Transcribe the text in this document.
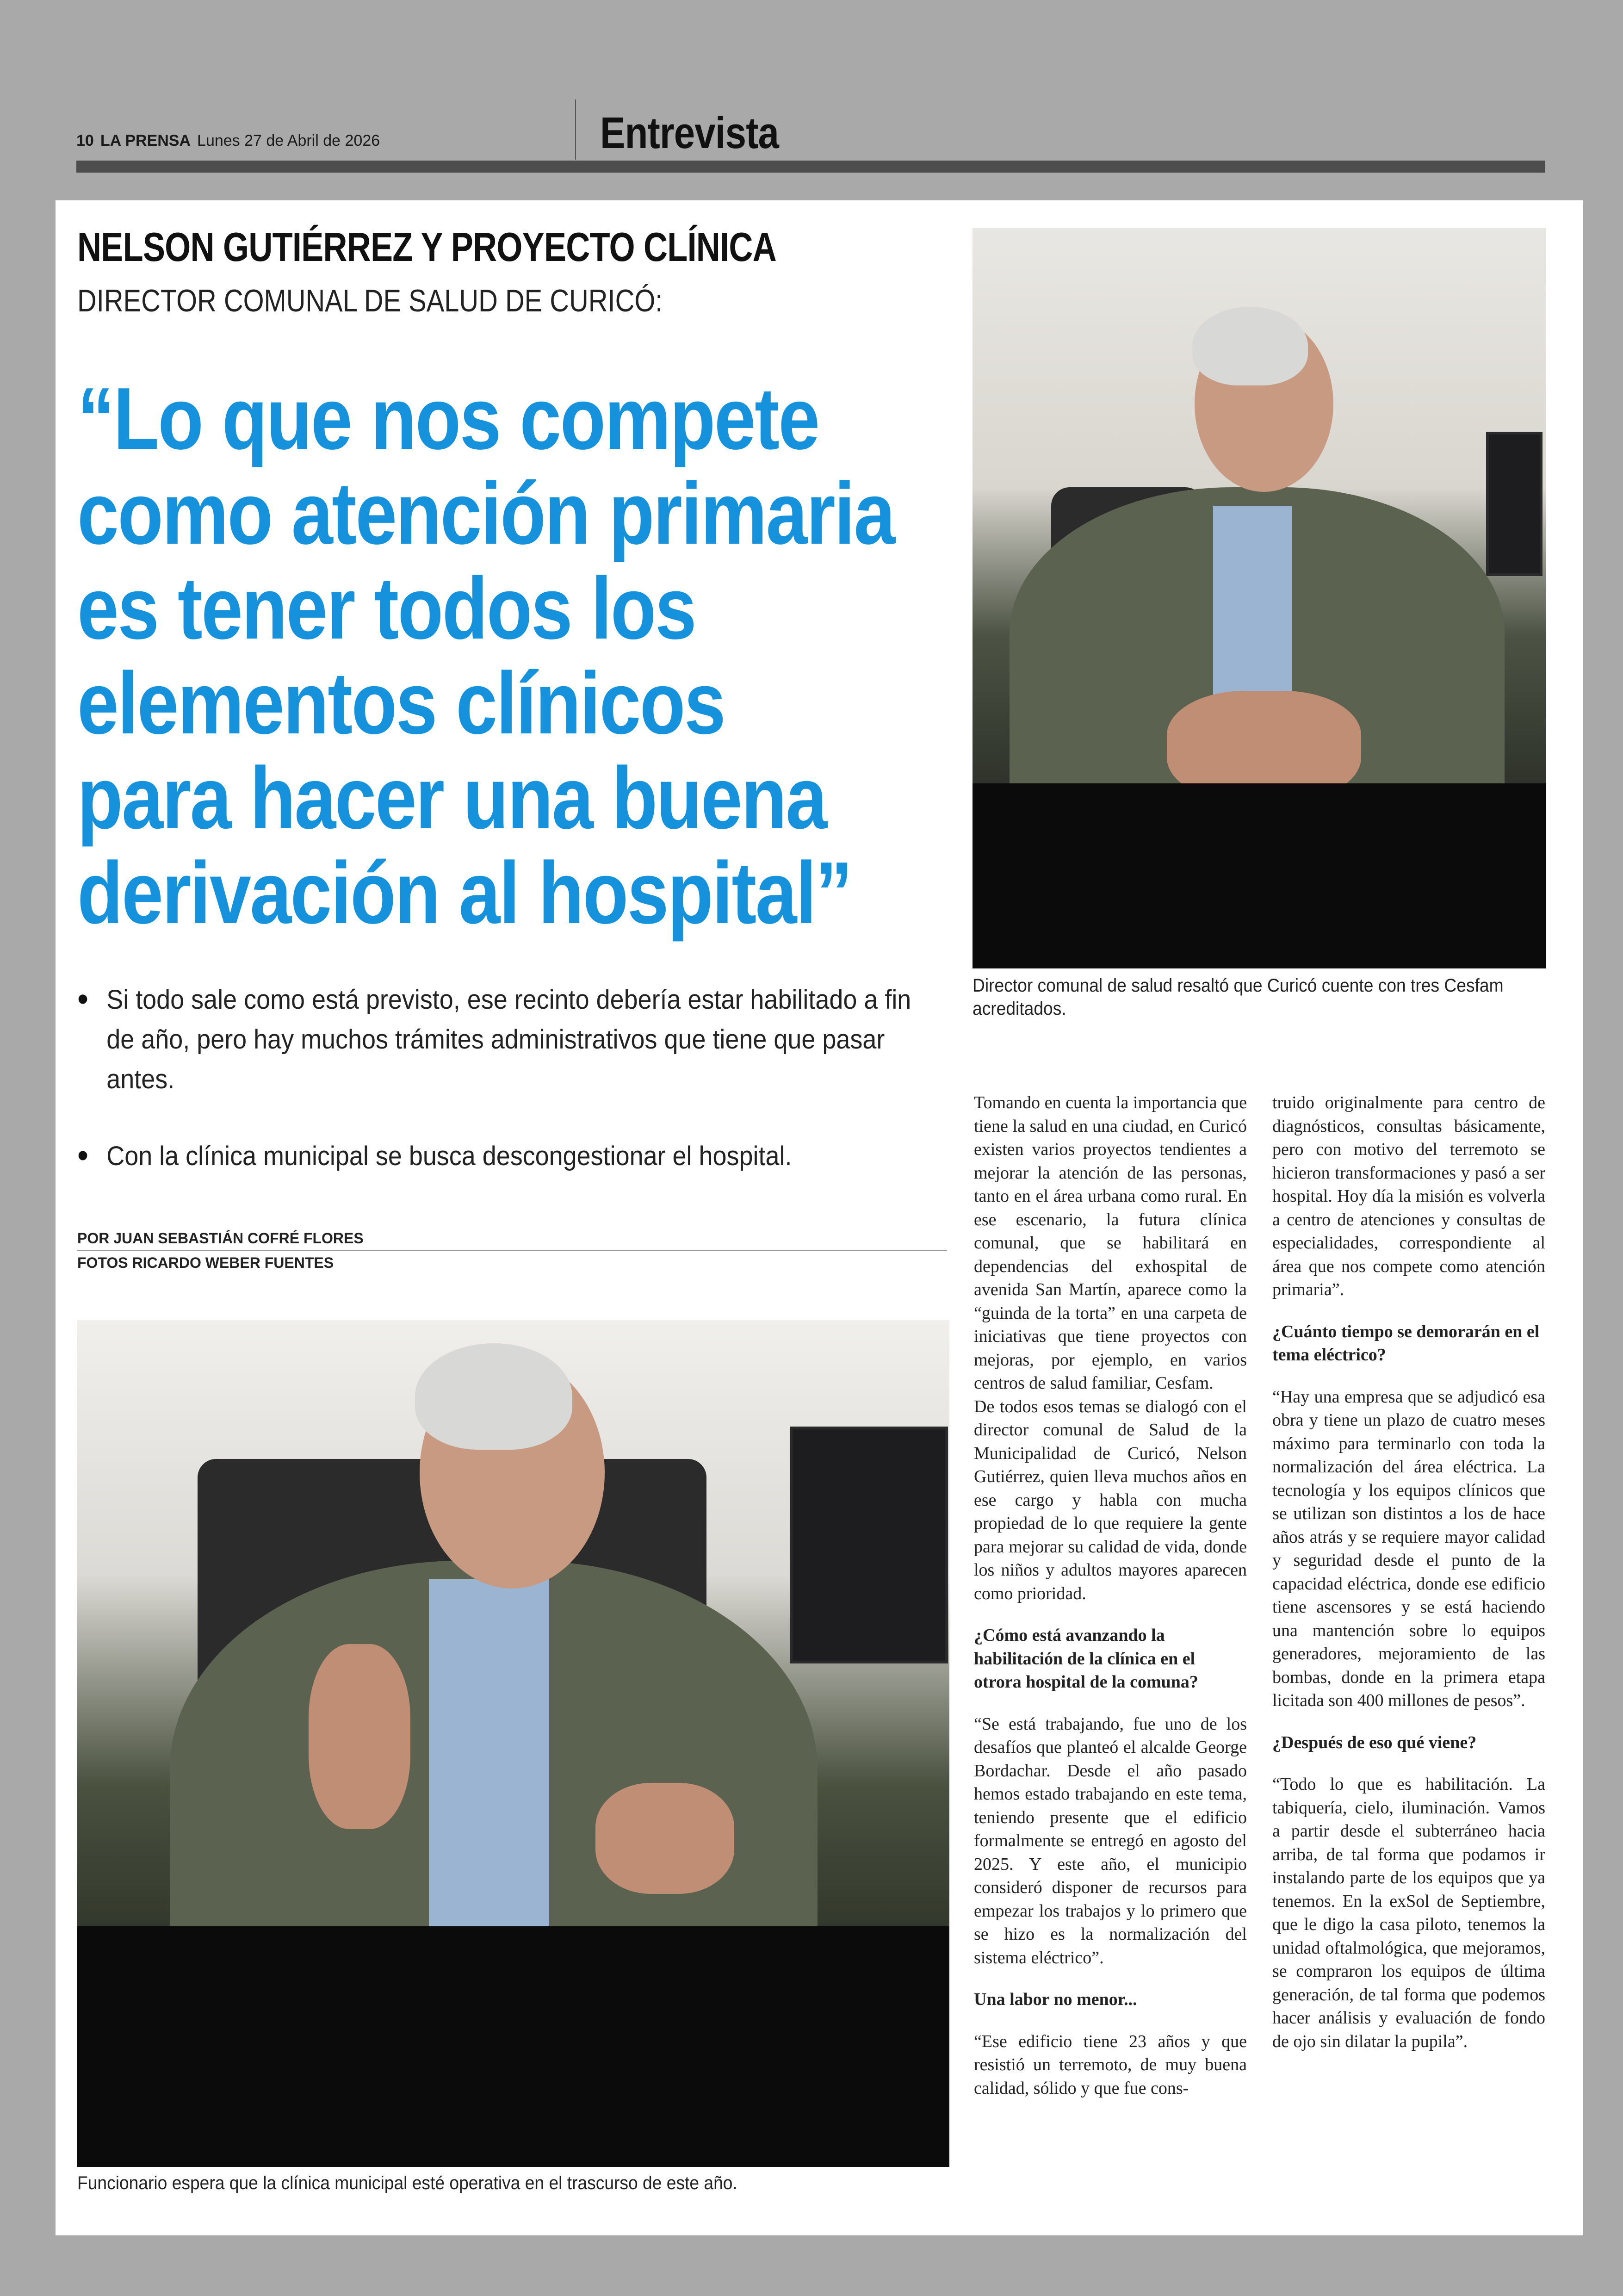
10 LA PRENSA Lunes 27 de Abril de 2026	Entrevista
NELSON GUTIÉRREZ Y PROYECTO CLÍNICA
DIRECTOR COMUNAL DE SALUD DE CURICÓ:
“Lo que nos compete
como atención primaria
es tener todos los
elementos clínicos
para hacer una buena
derivación al hospital”
• Si todo sale como está previsto, ese recinto debería estar habilitado a fin de año, pero hay muchos trámites administrativos que tiene que pasar antes.
• Con la clínica municipal se busca descongestionar el hospital.
POR JUAN SEBASTIÁN COFRÉ FLORES
FOTOS RICARDO WEBER FUENTES
Director comunal de salud resaltó que Curicó cuente con tres Cesfam acreditados.
Funcionario espera que la clínica municipal esté operativa en el trascurso de este año.

Tomando en cuenta la importancia que tiene la salud en una ciudad, en Curicó existen varios proyectos tendientes a mejorar la atención de las personas, tanto en el área urbana como rural. En ese escenario, la futura clínica comunal, que se habilitará en dependencias del exhospital de avenida San Martín, aparece como la “guinda de la torta” en una carpeta de iniciativas que tiene proyectos con mejoras, por ejemplo, en varios centros de salud familiar, Cesfam.

De todos esos temas se dialogó con el director comunal de Salud de la Municipalidad de Curicó, Nelson Gutiérrez, quien lleva muchos años en ese cargo y habla con mucha propiedad de lo que requiere la gente para mejorar su calidad de vida, donde los niños y adultos mayores aparecen como prioridad.

¿Cómo está avanzando la habilitación de la clínica en el otrora hospital de la comuna?

“Se está trabajando, fue uno de los desafíos que planteó el alcalde George Bordachar. Desde el año pasado hemos estado trabajando en este tema, teniendo presente que el edificio formalmente se entregó en agosto del 2025. Y este año, el municipio consideró disponer de recursos para empezar los trabajos y lo primero que se hizo es la normalización del sistema eléctrico”.

Una labor no menor...

“Ese edificio tiene 23 años y que resistió un terremoto, de muy buena calidad, sólido y que fue cons-

truido originalmente para centro de diagnósticos, consultas básicamente, pero con motivo del terremoto se hicieron transformaciones y pasó a ser hospital. Hoy día la misión es volverla a centro de atenciones y consultas de especialidades, correspondiente al área que nos compete como atención primaria”.

¿Cuánto tiempo se demorarán en el tema eléctrico?

“Hay una empresa que se adjudicó esa obra y tiene un plazo de cuatro meses máximo para terminarlo con toda la normalización del área eléctrica. La tecnología y los equipos clínicos que se utilizan son distintos a los de hace años atrás y se requiere mayor calidad y seguridad desde el punto de la capacidad eléctrica, donde ese edificio tiene ascensores y se está haciendo una mantención sobre lo equipos generadores, mejoramiento de las bombas, donde en la primera etapa licitada son 400 millones de pesos”.

¿Después de eso qué viene?

“Todo lo que es habilitación. La tabiquería, cielo, iluminación. Vamos a partir desde el subterráneo hacia arriba, de tal forma que podamos ir instalando parte de los equipos que ya tenemos. En la exSol de Septiembre, que le digo la casa piloto, tenemos la unidad oftalmológica, que mejoramos, se compraron los equipos de última generación, de tal forma que podemos hacer análisis y evaluación de fondo de ojo sin dilatar la pupila”.
